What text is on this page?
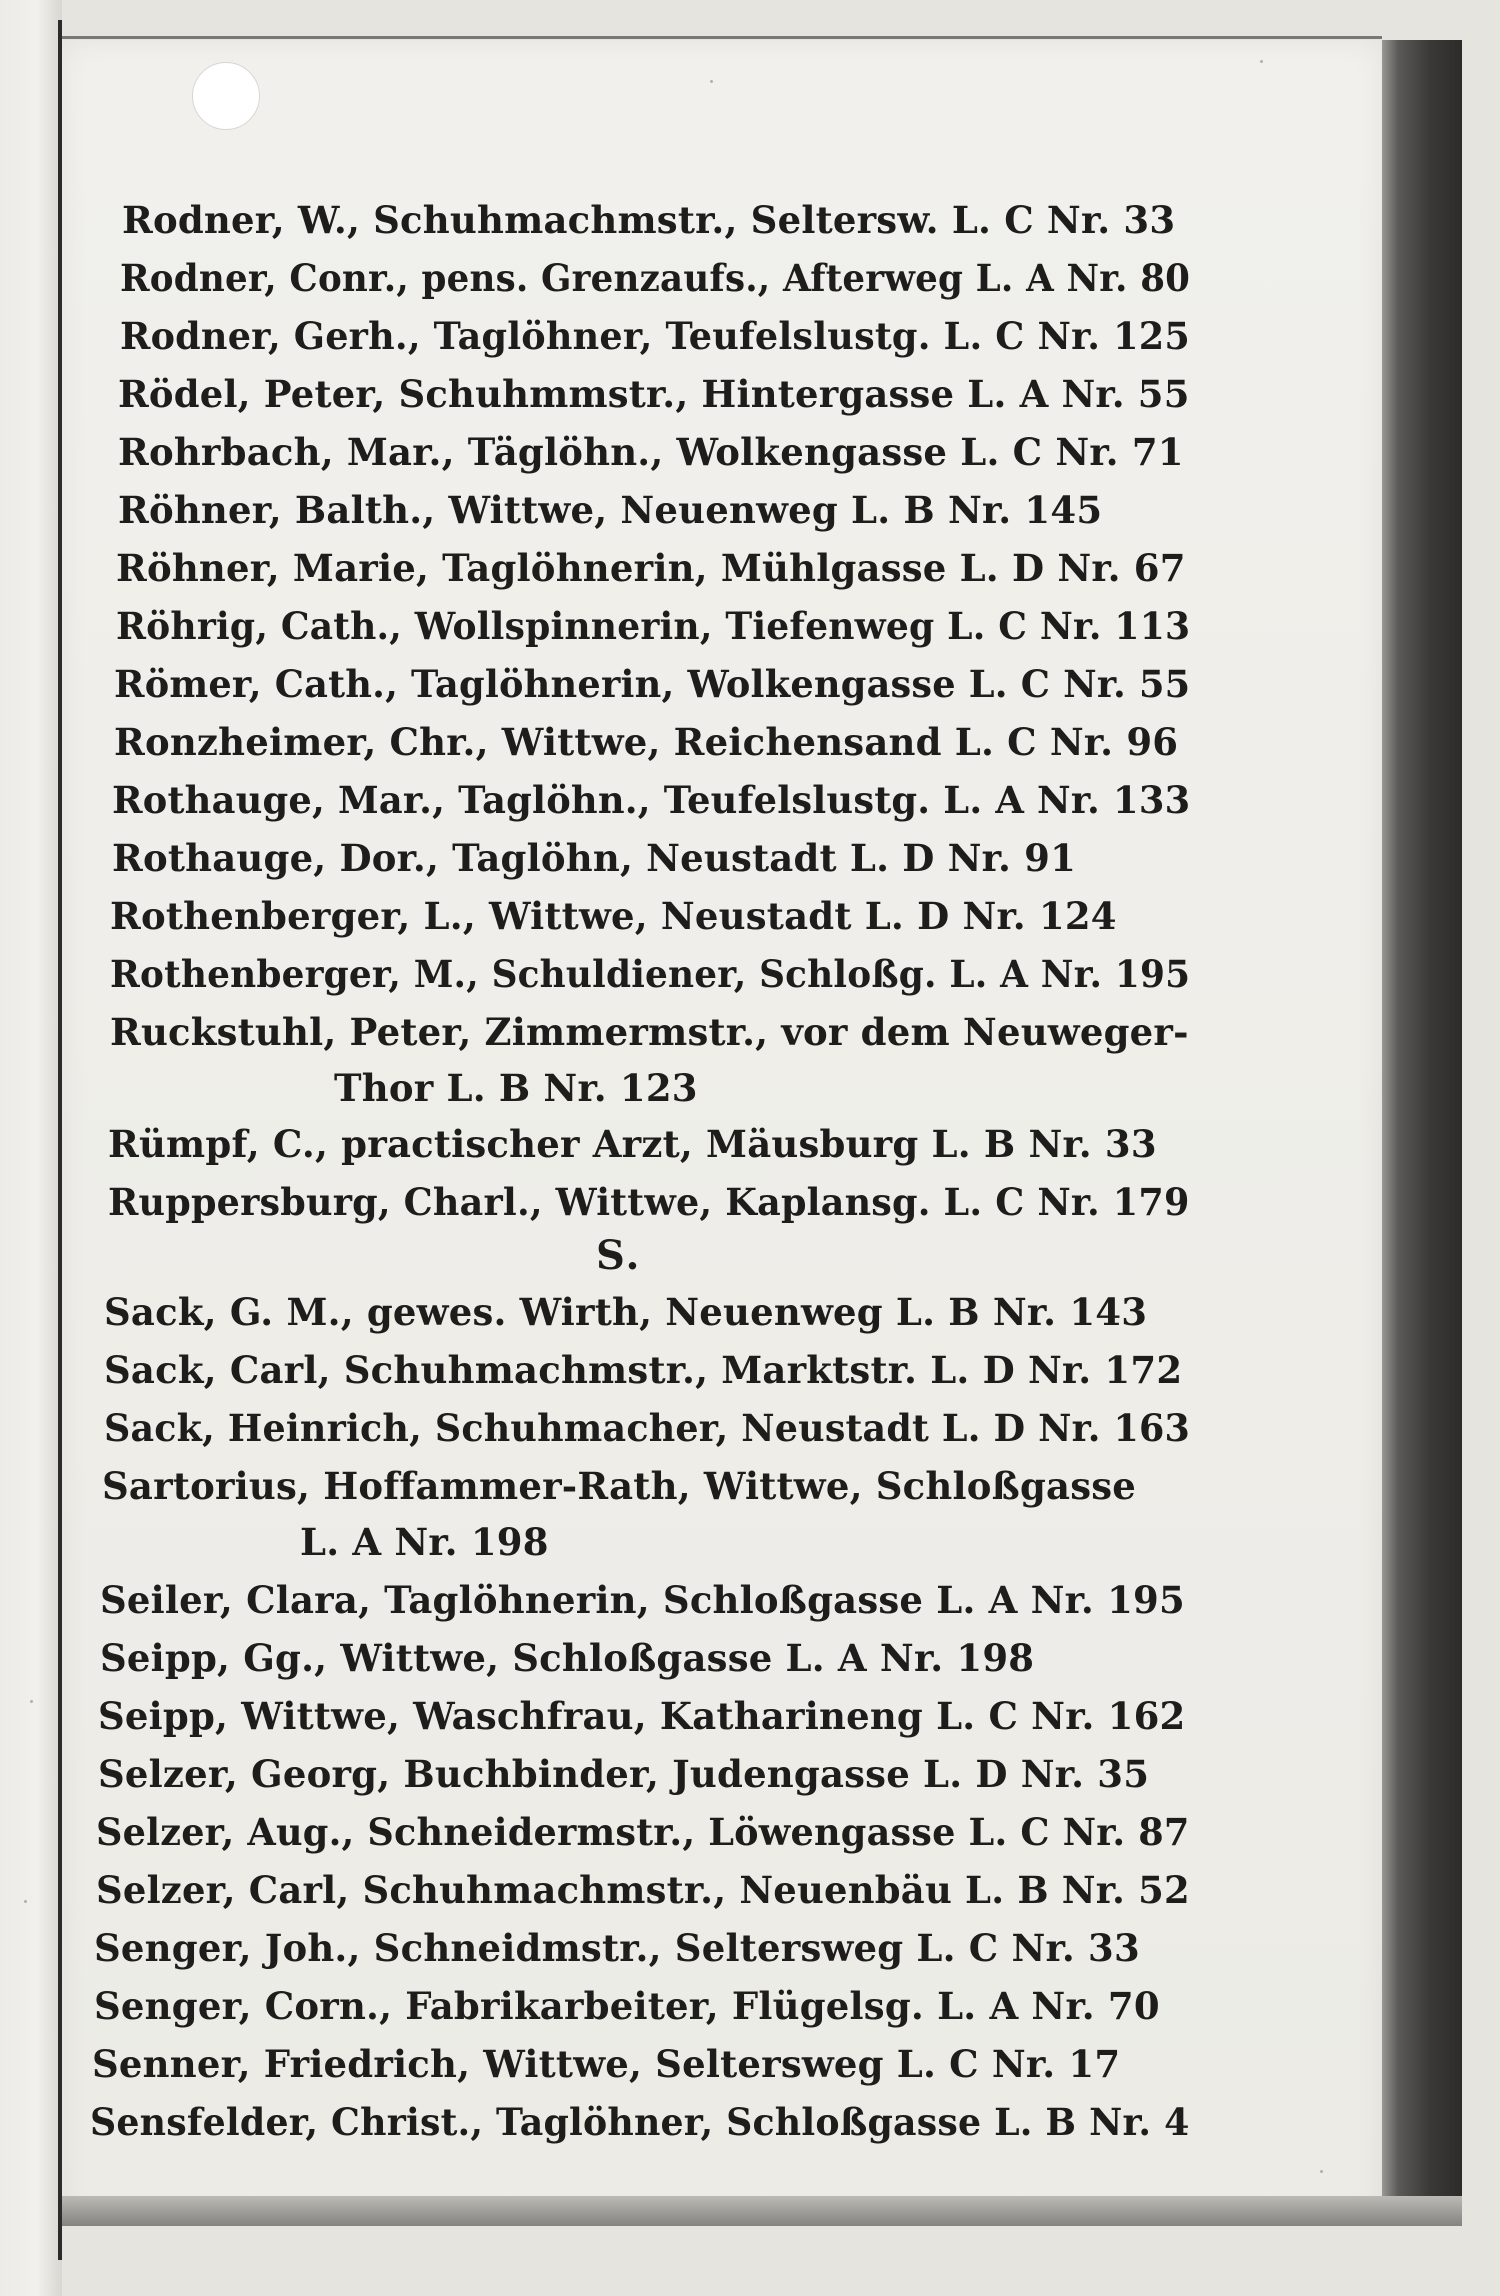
Rodner, W., Schuhmachmstr., Seltersw. L. C Nr. 33

Rodner, Conr., pens. Grenzaufs., Afterweg L. A Nr. 80

Rodner, Gerh., Taglöhner, Teufelslustg. L. C Nr. 125

Rödel, Peter, Schuhmmstr., Hintergasse L. A Nr. 55

Rohrbach, Mar., Täglöhn., Wolkengasse L. C Nr. 71

Röhner, Balth., Wittwe, Neuenweg L. B Nr. 145

Röhner, Marie, Taglöhnerin, Mühlgasse L. D Nr. 67

Röhrig, Cath., Wollspinnerin, Tiefenweg L. C Nr. 113

Römer, Cath., Taglöhnerin, Wolkengasse L. C Nr. 55

Ronzheimer, Chr., Wittwe, Reichensand L. C Nr. 96

Rothauge, Mar., Taglöhn., Teufelslustg. L. A Nr. 133

Rothauge, Dor., Taglöhn, Neustadt L. D Nr. 91

Rothenberger, L., Wittwe, Neustadt L. D Nr. 124

Rothenberger, M., Schuldiener, Schloßg. L. A Nr. 195

Ruckstuhl, Peter, Zimmermstr., vor dem Neuweger-

Thor L. B Nr. 123

Rümpf, C., practischer Arzt, Mäusburg L. B Nr. 33

Ruppersburg, Charl., Wittwe, Kaplansg. L. C Nr. 179

S.

Sack, G. M., gewes. Wirth, Neuenweg L. B Nr. 143

Sack, Carl, Schuhmachmstr., Marktstr. L. D Nr. 172

Sack, Heinrich, Schuhmacher, Neustadt L. D Nr. 163

Sartorius, Hoffammer-Rath, Wittwe, Schloßgasse

L. A Nr. 198

Seiler, Clara, Taglöhnerin, Schloßgasse L. A Nr. 195

Seipp, Gg., Wittwe, Schloßgasse L. A Nr. 198

Seipp, Wittwe, Waschfrau, Katharineng L. C Nr. 162

Selzer, Georg, Buchbinder, Judengasse L. D Nr. 35

Selzer, Aug., Schneidermstr., Löwengasse L. C Nr. 87

Selzer, Carl, Schuhmachmstr., Neuenbäu L. B Nr. 52

Senger, Joh., Schneidmstr., Seltersweg L. C Nr. 33

Senger, Corn., Fabrikarbeiter, Flügelsg. L. A Nr. 70

Senner, Friedrich, Wittwe, Seltersweg L. C Nr. 17

Sensfelder, Christ., Taglöhner, Schloßgasse L. B Nr. 4
